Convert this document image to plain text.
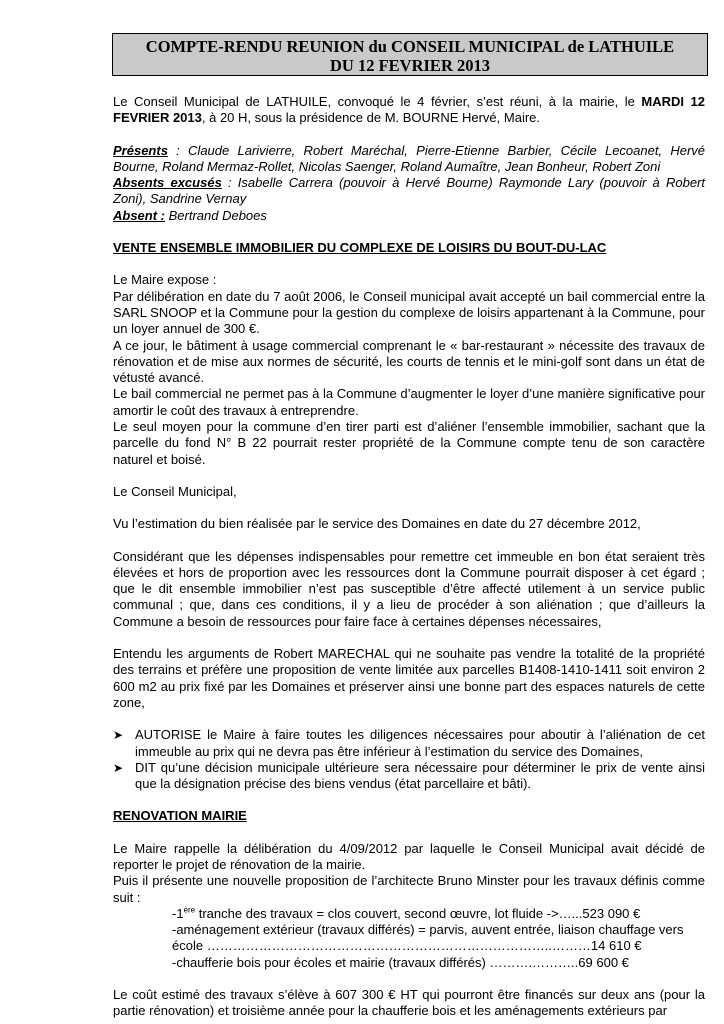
COMPTE-RENDU REUNION du CONSEIL MUNICIPAL de LATHUILE
DU 12 FEVRIER 2013

Le Conseil Municipal de LATHUILE, convoqué le 4 février, s’est réuni, à la mairie, le MARDI 12 FEVRIER 2013, à 20 H, sous la présidence de M. BOURNE Hervé, Maire.

Présents : Claude Larivierre, Robert Maréchal, Pierre-Etienne Barbier, Cécile Lecoanet, Hervé Bourne, Roland Mermaz-Rollet, Nicolas Saenger, Roland Aumaître, Jean Bonheur, Robert Zoni

Absents excusés : Isabelle Carrera (pouvoir à Hervé Bourne) Raymonde Lary (pouvoir à Robert Zoni), Sandrine Vernay

Absent : Bertrand Deboes

VENTE ENSEMBLE IMMOBILIER DU COMPLEXE DE LOISIRS DU BOUT-DU-LAC

Le Maire expose :

Par délibération en date du 7 août 2006, le Conseil municipal avait accepté un bail commercial entre la SARL SNOOP et la Commune pour la gestion du complexe de loisirs appartenant à la Commune, pour un loyer annuel de 300 €.

A ce jour, le bâtiment à usage commercial comprenant le « bar-restaurant » nécessite des travaux de rénovation et de mise aux normes de sécurité, les courts de tennis et le mini-golf sont dans un état de vétusté avancé.

Le bail commercial ne permet pas à la Commune d’augmenter le loyer d’une manière significative pour amortir le coût des travaux à entreprendre.

Le seul moyen pour la commune d’en tirer parti est d’aliéner l’ensemble immobilier, sachant que la parcelle du fond N° B 22 pourrait rester propriété de la Commune compte tenu de son caractère naturel et boisé.

Le Conseil Municipal,

Vu l’estimation du bien réalisée par le service des Domaines en date du 27 décembre 2012,

Considérant que les dépenses indispensables pour remettre cet immeuble en bon état seraient très élevées et hors de proportion avec les ressources dont la Commune pourrait disposer à cet égard ; que le dit ensemble immobilier n’est pas susceptible d’être affecté utilement à un service public communal ; que, dans ces conditions, il y a lieu de procéder à son aliénation ; que d’ailleurs la Commune a besoin de ressources pour faire face à certaines dépenses nécessaires,

Entendu les arguments de Robert MARECHAL qui ne souhaite pas vendre la totalité de la propriété des terrains et préfère une proposition de vente limitée aux parcelles B1408-1410-1411 soit environ 2 600 m2 au prix fixé par les Domaines et préserver ainsi une bonne part des espaces naturels de cette zone,

➤ AUTORISE le Maire à faire toutes les diligences nécessaires pour aboutir à l’aliénation de cet immeuble au prix qui ne devra pas être inférieur à l’estimation du service des Domaines,
➤ DIT qu’une décision municipale ultérieure sera nécessaire pour déterminer le prix de vente ainsi que la désignation précise des biens vendus (état parcellaire et bâti).

RENOVATION MAIRIE

Le Maire rappelle la délibération du 4/09/2012 par laquelle le Conseil Municipal avait décidé de reporter le projet de rénovation de la mairie.

Puis il présente une nouvelle proposition de l’architecte Bruno Minster pour les travaux définis comme suit :

-1ère tranche des travaux = clos couvert, second œuvre, lot fluide ->…...523 090 €

-aménagement extérieur (travaux différés) = parvis, auvent entrée, liaison chauffage vers

école ……………………………………………………………………..………14 610 €

-chaufferie bois pour écoles et mairie (travaux différés) ……….………..69 600 €

Le coût estimé des travaux s’élève à 607 300 € HT qui pourront être financés sur deux ans (pour la partie rénovation) et troisième année pour la chaufferie bois et les aménagements extérieurs par
